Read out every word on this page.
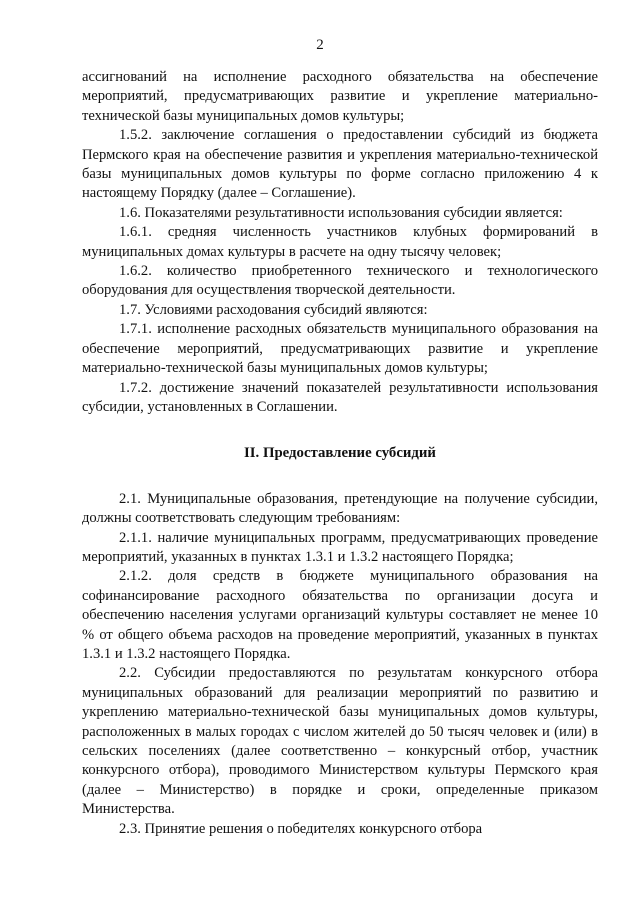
2

ассигнований на исполнение расходного обязательства на обеспечение мероприятий, предусматривающих развитие и укрепление материально-технической базы муниципальных домов культуры;

1.5.2. заключение соглашения о предоставлении субсидий из бюджета Пермского края на обеспечение развития и укрепления материально-технической базы муниципальных домов культуры по форме согласно приложению 4 к настоящему Порядку (далее – Соглашение).

1.6. Показателями результативности использования субсидии является:

1.6.1. средняя численность участников клубных формирований в муниципальных домах культуры в расчете на одну тысячу человек;

1.6.2. количество приобретенного технического и технологического оборудования для осуществления творческой деятельности.

1.7. Условиями расходования субсидий являются:

1.7.1. исполнение расходных обязательств муниципального образования на обеспечение мероприятий, предусматривающих развитие и укрепление материально-технической базы муниципальных домов культуры;

1.7.2. достижение значений показателей результативности использования субсидии, установленных в Соглашении.

II. Предоставление субсидий

2.1. Муниципальные образования, претендующие на получение субсидии, должны соответствовать следующим требованиям:

2.1.1. наличие муниципальных программ, предусматривающих проведение мероприятий, указанных в пунктах 1.3.1 и 1.3.2 настоящего Порядка;

2.1.2. доля средств в бюджете муниципального образования на софинансирование расходного обязательства по организации досуга и обеспечению населения услугами организаций культуры составляет не менее 10 % от общего объема расходов на проведение мероприятий, указанных в пунктах 1.3.1 и 1.3.2 настоящего Порядка.

2.2. Субсидии предоставляются по результатам конкурсного отбора муниципальных образований для реализации мероприятий по развитию и укреплению материально-технической базы муниципальных домов культуры, расположенных в малых городах с числом жителей до 50 тысяч человек и (или) в сельских поселениях (далее соответственно – конкурсный отбор, участник конкурсного отбора), проводимого Министерством культуры Пермского края (далее – Министерство) в порядке и сроки, определенные приказом Министерства.

2.3. Принятие решения о победителях конкурсного отбора
